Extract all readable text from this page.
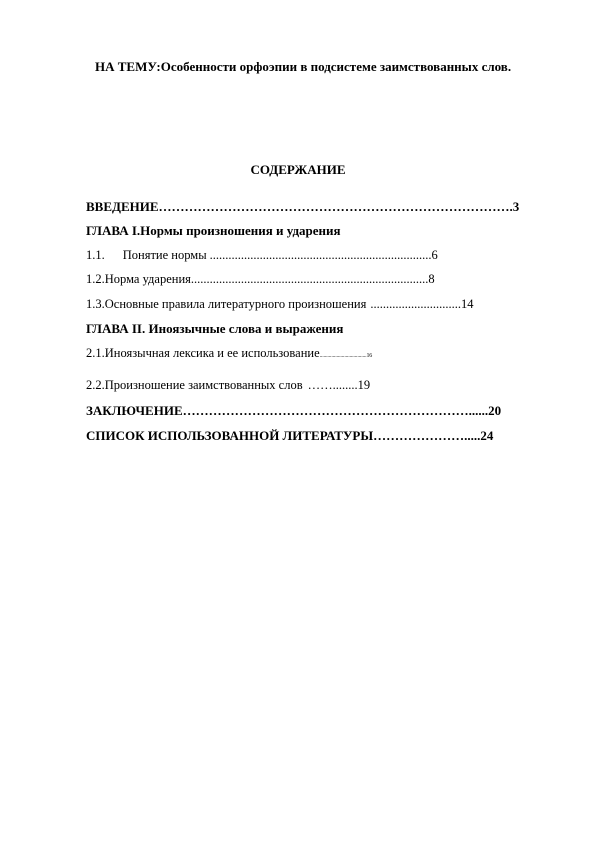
НА ТЕМУ:Особенности орфоэпии в подсистеме заимствованных слов.
СОДЕРЖАНИЕ
ВВЕДЕНИЕ……………………………………………………………………….3
ГЛАВА I.Нормы произношения и ударения
1.1. Понятие нормы .......................................................................6
1.2.Норма ударения............................................................................8
1.3.Основные правила литературного произношения .............................14
ГЛАВА II. Иноязычные слова и выражения
2.1.Иноязычная лексика и ее использование....................................16
2.2.Произношение заимствованных слов ……........19
ЗАКЛЮЧЕНИЕ…………………………………………………………......20
СПИСОК ИСПОЛЬЗОВАННОЙ ЛИТЕРАТУРЫ………………….....24
